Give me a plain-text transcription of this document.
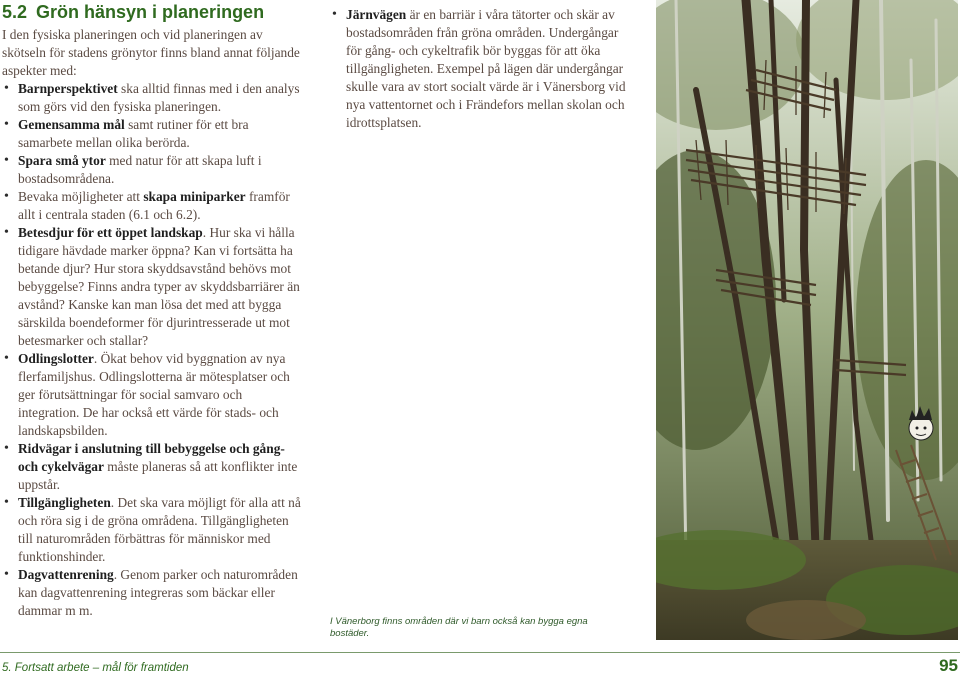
5.2 Grön hänsyn i planeringen

I den fysiska planeringen och vid planeringen av skötseln för stadens grönytor finns bland annat följande aspekter med:

• Barnperspektivet ska alltid finnas med i den analys som görs vid den fysiska planeringen.
• Gemensamma mål samt rutiner för ett bra samarbete mellan olika berörda.
• Spara små ytor med natur för att skapa luft i bostadsområdena.
• Bevaka möjligheter att skapa miniparker framför allt i centrala staden (6.1 och 6.2).
• Betesdjur för ett öppet landskap. Hur ska vi hålla tidigare hävdade marker öppna? Kan vi fortsätta ha betande djur? Hur stora skyddsavstånd behövs mot bebyggelse? Finns andra typer av skyddsbarriärer än avstånd? Kanske kan man lösa det med att bygga särskilda boendeformer för djurintresserade ut mot betesmarker och stallar?
• Odlingslotter. Ökat behov vid byggnation av nya flerfamiljshus. Odlingslotterna är mötesplatser och ger förutsättningar för social samvaro och integration. De har också ett värde för stads- och landskapsbilden.
• Ridvägar i anslutning till bebyggelse och gång- och cykelvägar måste planeras så att konflikter inte uppstår.
• Tillgängligheten. Det ska vara möjligt för alla att nå och röra sig i de gröna områdena. Tillgängligheten till naturområden förbättras för människor med funktionshinder.
• Dagvattenrening. Genom parker och naturområden kan dagvattenrening integreras som bäckar eller dammar m m.
• Järnvägen är en barriär i våra tätorter och skär av bostadsområden från gröna områden. Undergångar för gång- och cykeltrafik bör byggas för att öka tillgängligheten. Exempel på lägen där undergångar skulle vara av stort socialt värde är i Vänersborg vid nya vattentornet och i Frändefors mellan skolan och idrottsplatsen.
I Vänerborg finns områden där vi barn också kan bygga egna bostäder.
5. Fortsatt arbete – mål för framtiden	95
